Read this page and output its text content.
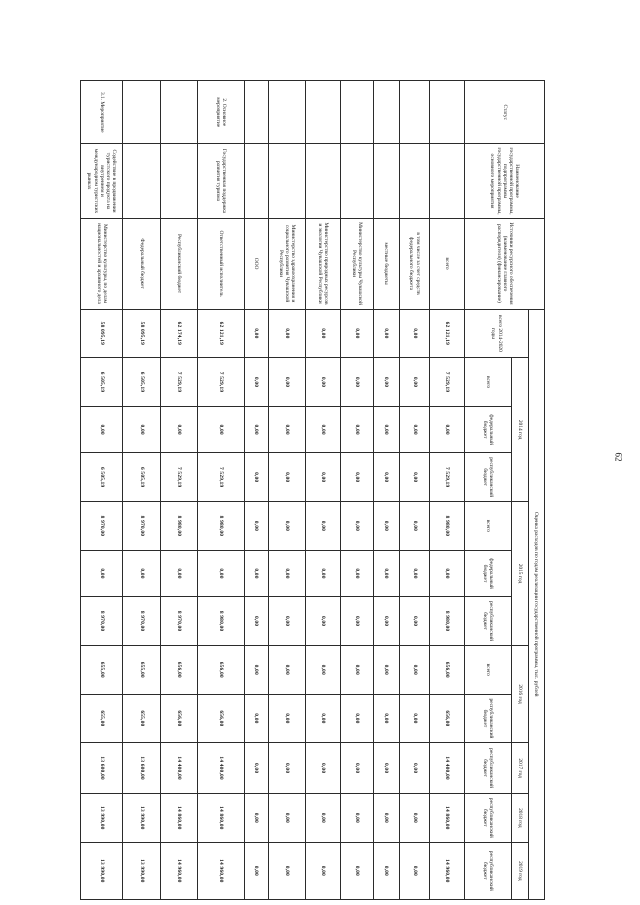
62
Статус	Наименование государственной программы, подпрограммы государственной программы, основного мероприятия	Источники ресурсного обеспечения (наименование главного распорядителя) (финансирование)	Оценка расходов по годам реализации государственной программы, тыс. рублей											
			всего 2014-2020 годы	2014 год			2015 год			2016 год		2017 год	2018 год	2019 год
				всего	федеральный бюджет	республиканский бюджет	всего	федеральный бюджет	республиканский бюджет	всего	республиканский бюджет	республиканский бюджет	республиканский бюджет	республиканский бюджет
		всего	62 121,19	7 529,19	0,00	7 529,19	8 980,00	0,00	8 980,00	656,00	656,00	14 400,00	14 860,00	14 960,00
		в том числе за счет средств федерального бюджета	0,00	0,00	0,00	0,00	0,00	0,00	0,00	0,00	0,00	0,00	0,00	0,00
		местные бюджеты	0,00	0,00	0,00	0,00	0,00	0,00	0,00	0,00	0,00	0,00	0,00	0,00
		Министерство культуры Чувашской Республики	0,00	0,00	0,00	0,00	0,00	0,00	0,00	0,00	0,00	0,00	0,00	0,00
		Министерство природных ресурсов и экологии Чувашской Республики	0,00	0,00	0,00	0,00	0,00	0,00	0,00	0,00	0,00	0,00	0,00	0,00
		Министерство здравоохранения и социального развития Чувашской Республики	0,00	0,00	0,00	0,00	0,00	0,00	0,00	0,00	0,00	0,00	0,00	0,00
		ООО	0,00	0,00	0,00	0,00	0,00	0,00	0,00	0,00	0,00	0,00	0,00	0,00
2. Основное мероприятие	Государственная поддержка развития туризма	Ответственный исполнитель	62 121,19	7 529,19	0,00	7 529,19	8 980,00	0,00	8 980,00	656,00	656,00	14 400,00	14 860,00	14 960,00
		Республиканский бюджет	62 174,19	7 529,19	0,00	7 529,19	8 980,00	0,00	8 970,00	656,00	656,00	14 400,00	14 860,00	14 960,00
		Федеральный бюджет	58 095,19	6 505,19	0,00	6 505,19	8 970,00	0,00	8 970,00	655,00	655,00	13 600,00	13 990,00	13 990,00
3.1. Мероприятие	Содействие в продвижении туристского продукта на внутреннем и международном туристских рынках	Министерство культуры, по делам национальностей и архивного дела	58 095,19	6 505,19	0,00	6 505,19	8 970,00	0,00	8 970,00	655,00	655,00	13 600,00	13 990,00	13 990,00
